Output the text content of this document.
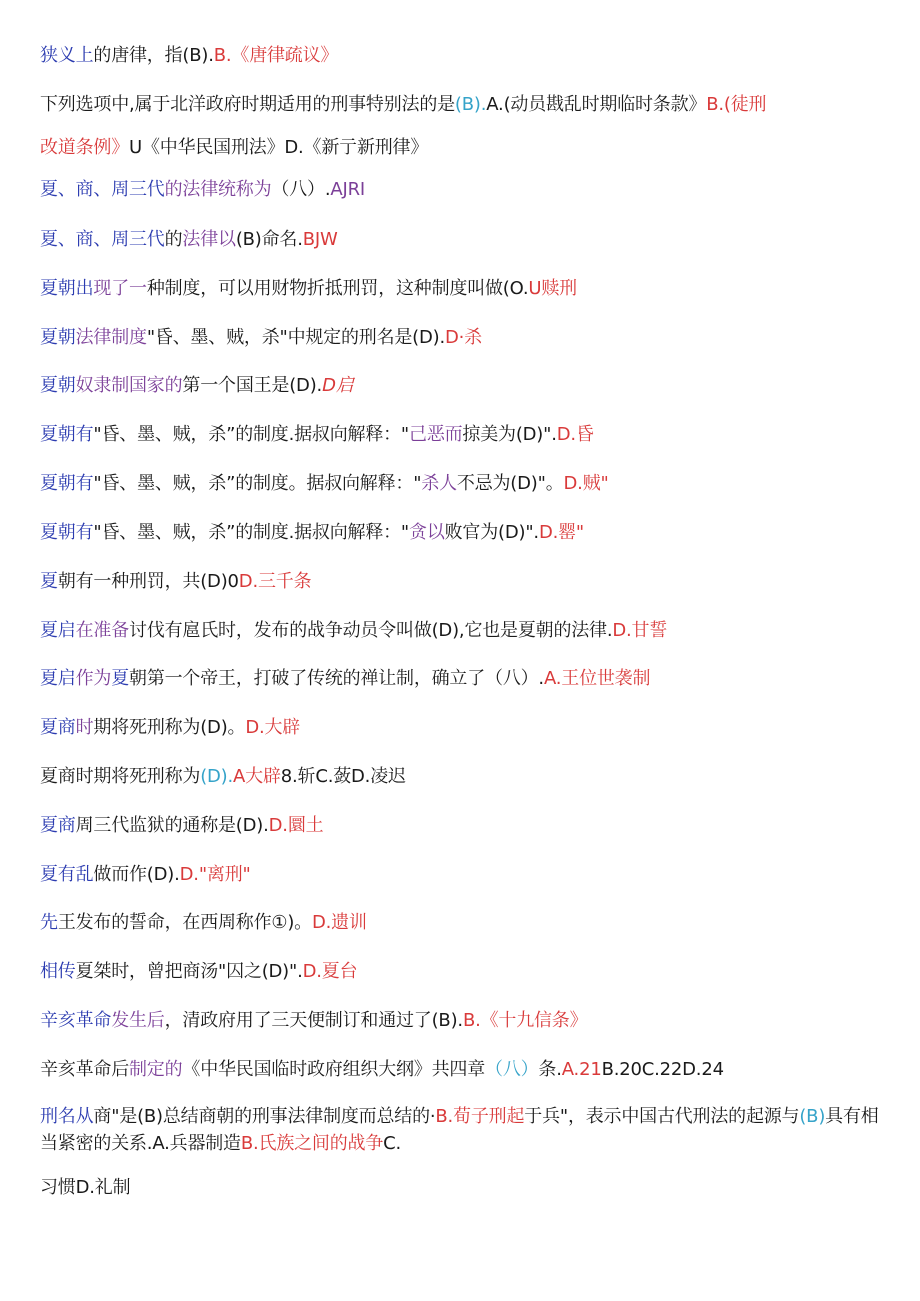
狭义上的唐律，指(B).B.《唐律疏议》
下列选项中,属于北洋政府时期适用的刑事特别法的是(B).A.(动员戡乱时期临时条款》B.(徒刑
改道条例》U《中华民国刑法》D.《新亍新刑律》
夏、商、周三代的法律统称为（八）.AJRI
夏、商、周三代的法律以(B)命名.BJW
夏朝出现了一种制度，可以用财物折抵刑罚，这种制度叫做(O.U赎刑
夏朝法律制度"昏、墨、贼，杀"中规定的刑名是(D).D·杀
夏朝奴隶制国家的第一个国王是(D).D启
夏朝有"昏、墨、贼，杀”的制度.据叔向解释："己恶而掠美为(D)".D.昏
夏朝有"昏、墨、贼，杀”的制度。据叔向解释："杀人不忌为(D)"。D.贼"
夏朝有"昏、墨、贼，杀”的制度.据叔向解释："贪以败官为(D)".D.罂"
夏朝有一种刑罚，共(D)0D.三千条
夏启在准备讨伐有扈氏时，发布的战争动员令叫做(D),它也是夏朝的法律.D.甘誓
夏启作为夏朝第一个帝王，打破了传统的禅让制，确立了（八）.A.王位世袭制
夏商时期将死刑称为(D)。D.大辟
夏商时期将死刑称为(D).A大辟8.斩C.蔹D.凌迟
夏商周三代监狱的通称是(D).D.圜土
夏有乱做而作(D).D."离刑"
先王发布的誓命，在西周称作①)。D.遗训
相传夏桀时，曾把商汤"囚之(D)".D.夏台
辛亥革命发生后，清政府用了三天便制订和通过了(B).B.《十九信条》
辛亥革命后制定的《中华民国临时政府组织大纲》共四章（八）条.A.21B.20C.22D.24
刑名从商"是(B)总结商朝的刑事法律制度而总结的·B.荀子刑起于兵"，表示中国古代刑法的起源与(B)具有相当紧密的关系.A.兵器制造B.氏族之间的战争C.
习惯D.礼制
